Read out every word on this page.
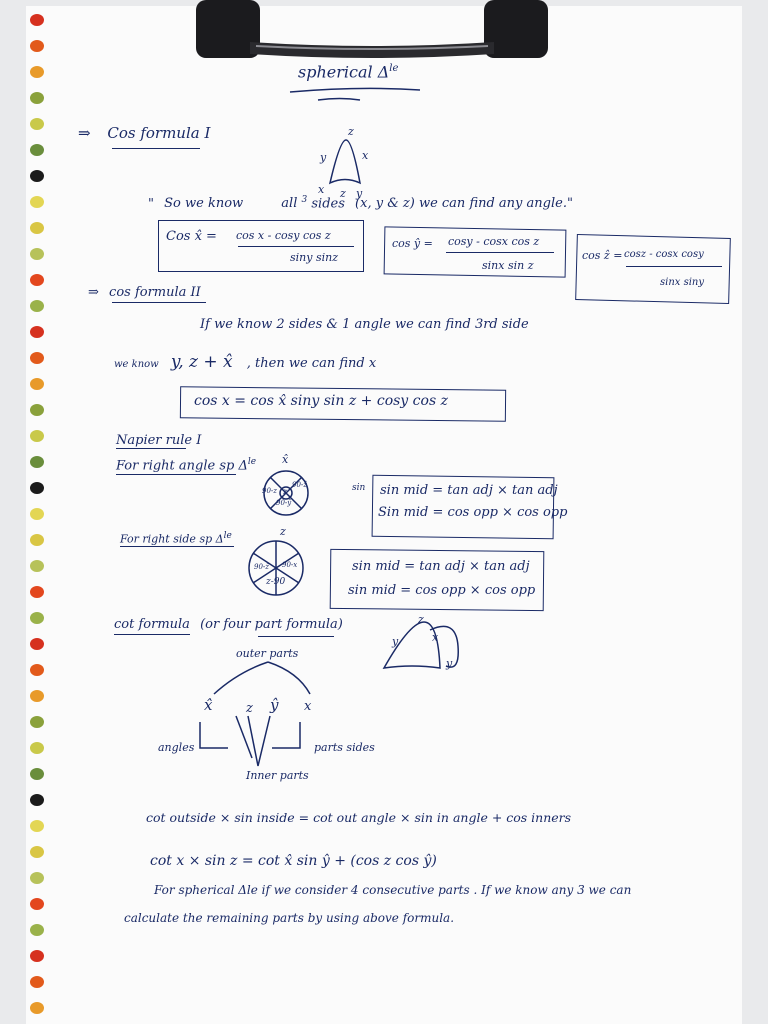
spherical $\Delta^{le}$
⇒ Cos formula I	z
y	x
x z y
" So we know	all $^3$ sides (x, y & z) we can find any angle."
Cos x̂ = cos x - cosy cos z
siny sinz
cos ŷ = cosy - cosx cos z
sinx sin z
cos ẑ = cosz - cosx cosy
sinx siny
⇒ cos formula II
If we know 2 sides & 1 angle we can find 3rd side
we know y, z + x̂ , then we can find x
cos x = cos x̂ siny sin z + cosy cos z
Napier rule I
For right angle sp $\Delta^{le}$ x̂
90-ẑ
90-z
90-ŷ
z	sin sin mid = tan adj × tan adj
Sin mid = cos opp × cos opp
For right side sp $\Delta^{le}$	z
90-ẑ 90-x
z-90
sin mid = tan adj × tan adj
sin mid = cos opp × cos opp
cot formula (or four part formula)	z
y	x
y
outer parts
x̂	z ŷ x
angles	parts sides
Inner parts
cot outside × sin inside = cot out angle × sin in angle + cos inners
cot x × sin z = cot x̂ sin ŷ + (cos z cos ŷ)
For spherical Δle if we consider 4 consecutive parts . If we know any 3 we can
calculate the remaining parts by using above formula.
